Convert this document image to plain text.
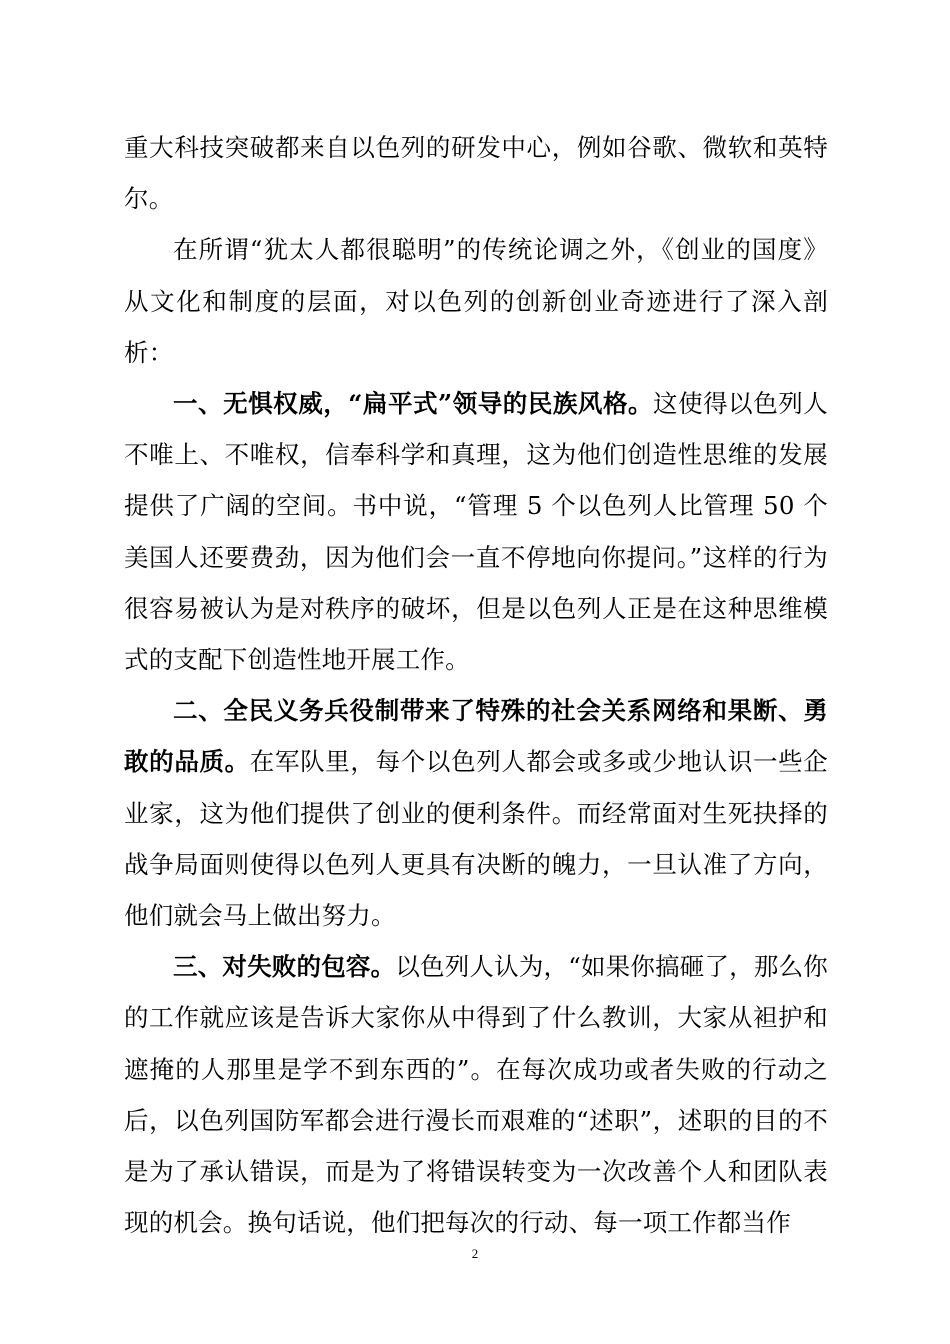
重大科技突破都来自以色列的研发中心，例如谷歌、微软和英特尔。

在所谓“犹太人都很聪明”的传统论调之外，《创业的国度》从文化和制度的层面，对以色列的创新创业奇迹进行了深入剖析：

一、无惧权威，“扁平式”领导的民族风格。这使得以色列人不唯上、不唯权，信奉科学和真理，这为他们创造性思维的发展提供了广阔的空间。书中说，“管理 5 个以色列人比管理 50 个美国人还要费劲，因为他们会一直不停地向你提问。”这样的行为很容易被认为是对秩序的破坏，但是以色列人正是在这种思维模式的支配下创造性地开展工作。

二、全民义务兵役制带来了特殊的社会关系网络和果断、勇敢的品质。在军队里，每个以色列人都会或多或少地认识一些企业家，这为他们提供了创业的便利条件。而经常面对生死抉择的战争局面则使得以色列人更具有决断的魄力，一旦认准了方向，他们就会马上做出努力。

三、对失败的包容。以色列人认为，“如果你搞砸了，那么你的工作就应该是告诉大家你从中得到了什么教训，大家从袒护和遮掩的人那里是学不到东西的”。在每次成功或者失败的行动之后，以色列国防军都会进行漫长而艰难的“述职”，述职的目的不是为了承认错误，而是为了将错误转变为一次改善个人和团队表现的机会。换句话说，他们把每次的行动、每一项工作都当作

2
